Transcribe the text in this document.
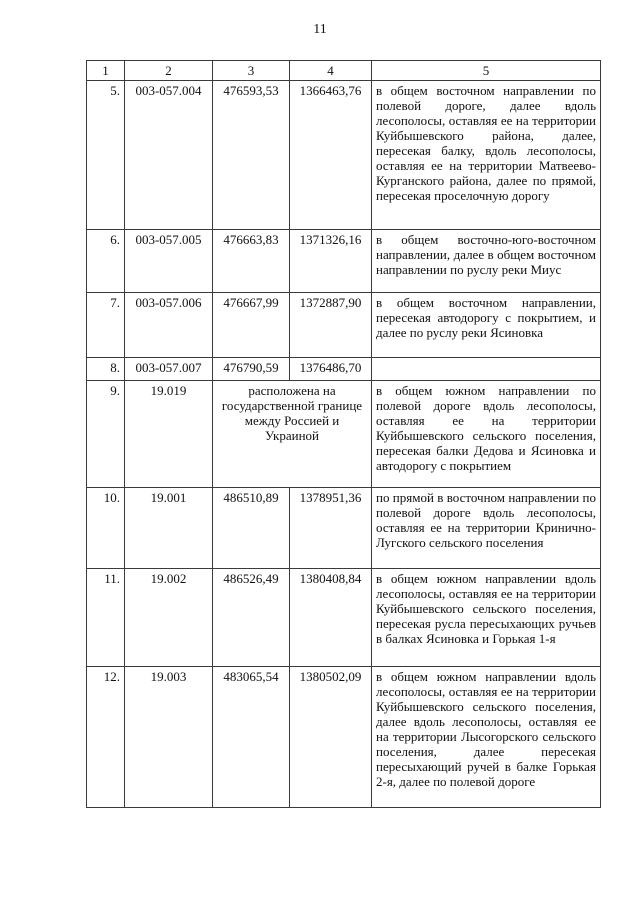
11
1	2	3	4	5
5.	003-057.004	476593,53	1366463,76	в общем восточном направлении по полевой дороге, далее вдоль лесополосы, оставляя ее на территории Куйбышевского района, далее, пересекая балку, вдоль лесополосы, оставляя ее на территории Матвеево-Курганского района, далее по прямой, пересекая проселочную дорогу
6.	003-057.005	476663,83	1371326,16	в общем восточно-юго-восточном направлении, далее в общем восточном направлении по руслу реки Миус
7.	003-057.006	476667,99	1372887,90	в общем восточном направлении, пересекая автодорогу с покрытием, и далее по руслу реки Ясиновка
8.	003-057.007	476790,59	1376486,70	
9.	19.019	расположена на государственной границе между Россией и Украиной		в общем южном направлении по полевой дороге вдоль лесополосы, оставляя ее на территории Куйбышевского сельского поселения, пересекая балки Дедова и Ясиновка и автодорогу с покрытием
10.	19.001	486510,89	1378951,36	по прямой в восточном направлении по полевой дороге вдоль лесополосы, оставляя ее на территории Кринично-Лугского сельского поселения
11.	19.002	486526,49	1380408,84	в общем южном направлении вдоль лесополосы, оставляя ее на территории Куйбышевского сельского поселения, пересекая русла пересыхающих ручьев в балках Ясиновка и Горькая 1-я
12.	19.003	483065,54	1380502,09	в общем южном направлении вдоль лесополосы, оставляя ее на территории Куйбышевского сельского поселения, далее вдоль лесополосы, оставляя ее на территории Лысогорского сельского поселения, далее пересекая пересыхающий ручей в балке Горькая 2-я, далее по полевой дороге
